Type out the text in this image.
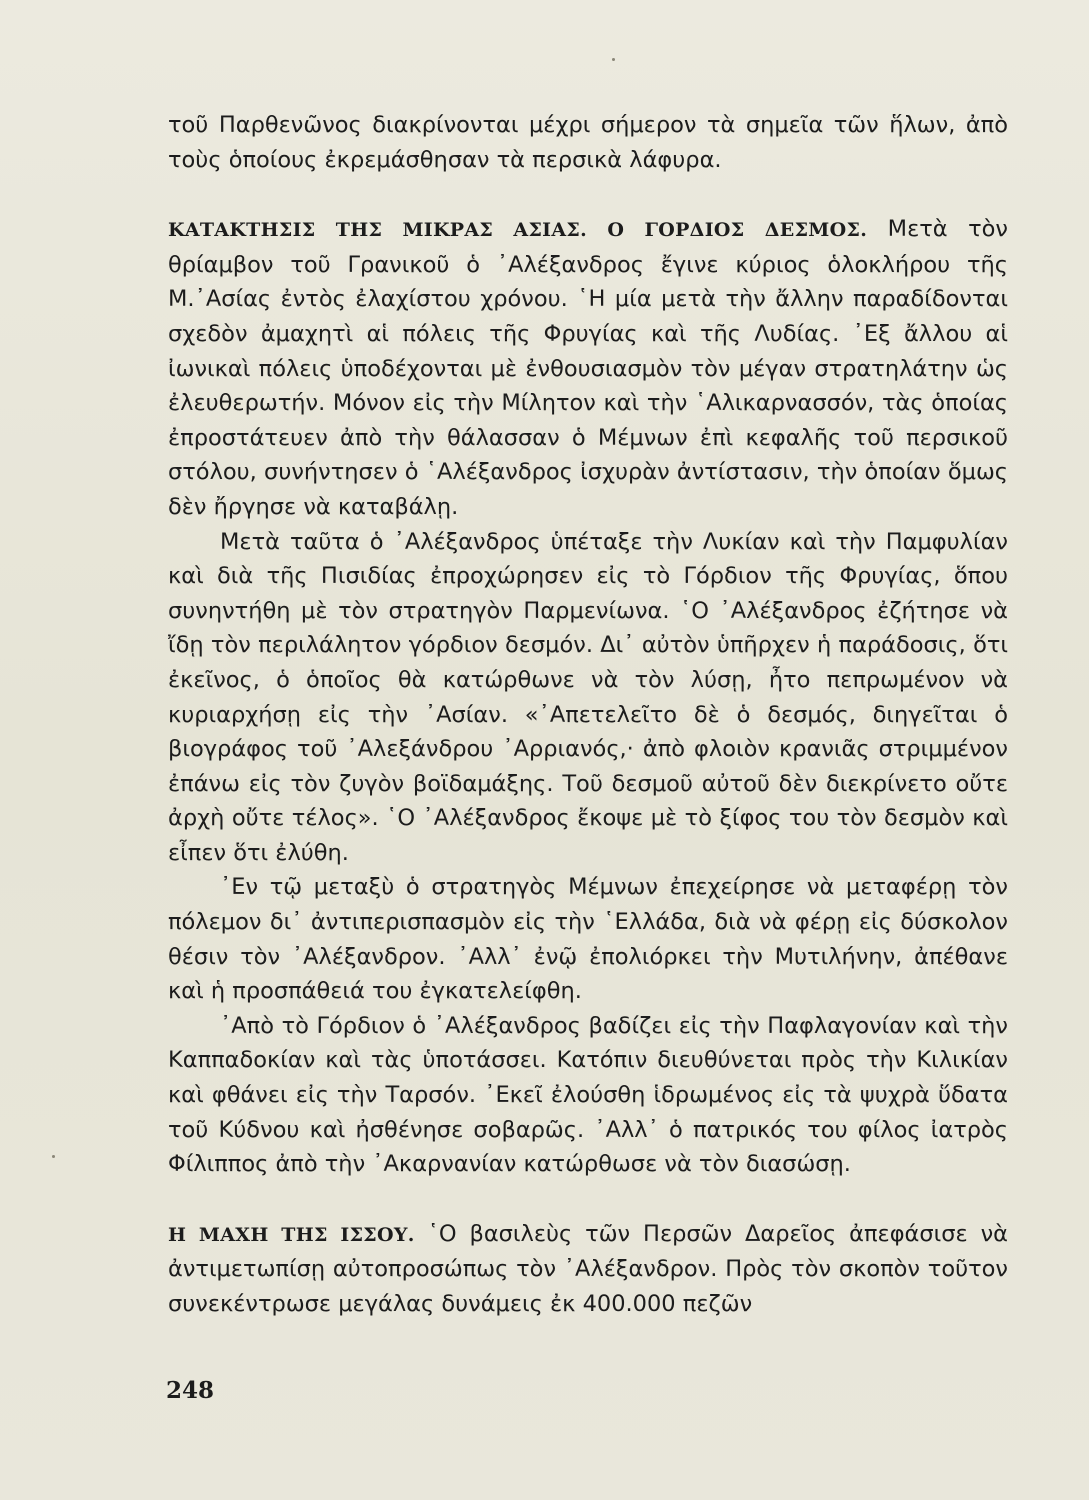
τοῦ Παρθενῶνος διακρίνονται μέχρι σήμερον τὰ σημεῖα τῶν ἥλων, ἀπὸ τοὺς ὁποίους ἐκρεμάσθησαν τὰ περσικὰ λάφυρα.

ΚΑΤΑΚΤΗΣΙΣ ΤΗΣ ΜΙΚΡΑΣ ΑΣΙΑΣ. Ο ΓΟΡΔΙΟΣ ΔΕΣΜΟΣ. Μετὰ τὸν θρίαμβον τοῦ Γρανικοῦ ὁ ᾿Αλέξανδρος ἔγινε κύριος ὁλοκλήρου τῆς Μ.᾿Ασίας ἐντὸς ἐλαχίστου χρόνου. ῾Η μία μετὰ τὴν ἄλλην παραδίδονται σχεδὸν ἀμαχητὶ αἱ πόλεις τῆς Φρυγίας καὶ τῆς Λυδίας. ᾿Εξ ἄλλου αἱ ἰωνικαὶ πόλεις ὑποδέχονται μὲ ἐνθουσιασμὸν τὸν μέγαν στρατηλάτην ὡς ἐλευθερωτήν. Μόνον εἰς τὴν Μίλητον καὶ τὴν ῾Αλικαρνασσόν, τὰς ὁποίας ἐπροστάτευεν ἀπὸ τὴν θάλασσαν ὁ Μέμνων ἐπὶ κεφαλῆς τοῦ περσικοῦ στόλου, συνήντησεν ὁ ῾Αλέξανδρος ἰσχυρὰν ἀντίστασιν, τὴν ὁποίαν ὅμως δὲν ἤργησε νὰ καταβάλῃ.

Μετὰ ταῦτα ὁ ᾿Αλέξανδρος ὑπέταξε τὴν Λυκίαν καὶ τὴν Παμφυλίαν καὶ διὰ τῆς Πισιδίας ἐπροχώρησεν εἰς τὸ Γόρδιον τῆς Φρυγίας, ὅπου συνηντήθη μὲ τὸν στρατηγὸν Παρμενίωνα. ῾Ο ᾿Αλέξανδρος ἐζήτησε νὰ ἴδῃ τὸν περιλάλητον γόρδιον δεσμόν. Δι᾿ αὐτὸν ὑπῆρχεν ἡ παράδοσις, ὅτι ἐκεῖνος, ὁ ὁποῖος θὰ κατώρθωνε νὰ τὸν λύσῃ, ἦτο πεπρωμένον νὰ κυριαρχήσῃ εἰς τὴν ᾿Ασίαν. «᾿Απετελεῖτο δὲ ὁ δεσμός, διηγεῖται ὁ βιογράφος τοῦ ᾿Αλεξάνδρου ᾿Αρριανός,· ἀπὸ φλοιὸν κρανιᾶς στριμμένον ἐπάνω εἰς τὸν ζυγὸν βοϊδαμάξης. Τοῦ δεσμοῦ αὐτοῦ δὲν διεκρίνετο οὔτε ἀρχὴ οὔτε τέλος». ῾Ο ᾿Αλέξανδρος ἔκοψε μὲ τὸ ξίφος του τὸν δεσμὸν καὶ εἶπεν ὅτι ἐλύθη.

᾿Εν τῷ μεταξὺ ὁ στρατηγὸς Μέμνων ἐπεχείρησε νὰ μεταφέρῃ τὸν πόλεμον δι᾿ ἀντιπερισπασμὸν εἰς τὴν ῾Ελλάδα, διὰ νὰ φέρῃ εἰς δύσκολον θέσιν τὸν ᾿Αλέξανδρον. ᾿Αλλ᾿ ἐνῷ ἐπολιόρκει τὴν Μυτιλήνην, ἀπέθανε καὶ ἡ προσπάθειά του ἐγκατελείφθη.

᾿Απὸ τὸ Γόρδιον ὁ ᾿Αλέξανδρος βαδίζει εἰς τὴν Παφλαγονίαν καὶ τὴν Καππαδοκίαν καὶ τὰς ὑποτάσσει. Κατόπιν διευθύνεται πρὸς τὴν Κιλικίαν καὶ φθάνει εἰς τὴν Ταρσόν. ᾿Εκεῖ ἐλούσθη ἱδρωμένος εἰς τὰ ψυχρὰ ὕδατα τοῦ Κύδνου καὶ ἠσθένησε σοβαρῶς. ᾿Αλλ᾿ ὁ πατρικός του φίλος ἰατρὸς Φίλιππος ἀπὸ τὴν ᾿Ακαρνανίαν κατώρθωσε νὰ τὸν διασώσῃ.

Η ΜΑΧΗ ΤΗΣ ΙΣΣΟΥ. ῾Ο βασιλεὺς τῶν Περσῶν Δαρεῖος ἀπεφάσισε νὰ ἀντιμετωπίσῃ αὐτοπροσώπως τὸν ᾿Αλέξανδρον. Πρὸς τὸν σκοπὸν τοῦτον συνεκέντρωσε μεγάλας δυνάμεις ἐκ 400.000 πεζῶν

248
